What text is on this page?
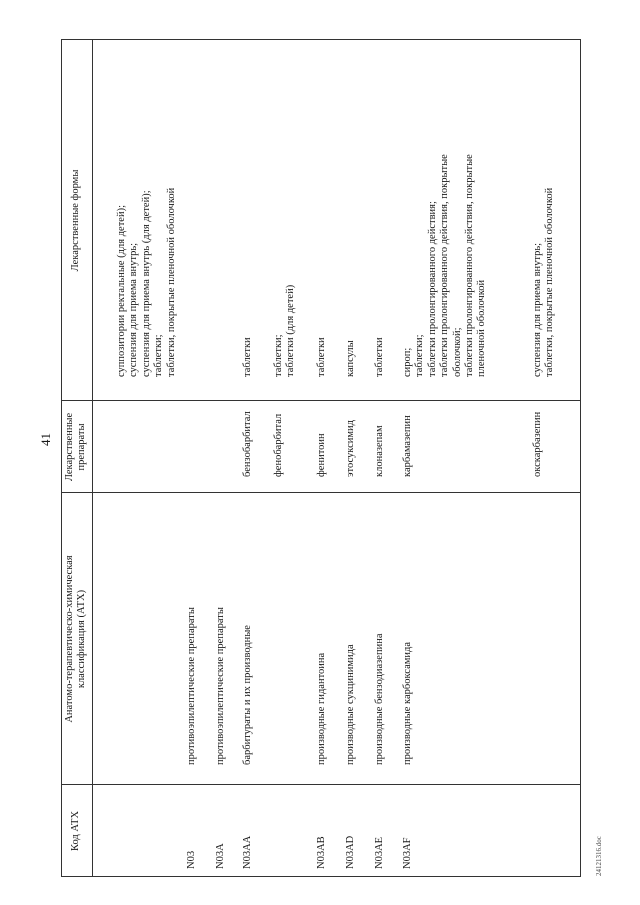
41
24121316.doc
Код АТХ
Анатомо-терапевтическо-химическая классификация (АТХ)
Лекарственные препараты
Лекарственные формы	суппозитории ректальные (для детей); суспензия для приема внутрь; суспензия для приема внутрь (для детей); таблетки; таблетки, покрытые пленочной оболочкой
N03
противоэпилептические препараты
N03A
противоэпилептические препараты
N03AA
барбитураты и их производные
бензобарбитал
таблетки
фенобарбитал
таблетки; таблетки (для детей)
N03AB
производные гидантоина
фенитоин
таблетки
N03AD
производные сукцинимида
этосуксимид
капсулы
N03AE
производные бензодиазепина
клоназепам
таблетки
N03AF
производные карбоксамида
карбамазепин
сироп; таблетки; таблетки пролонгированного действия; таблетки пролонгированного действия, покрытые оболочкой; таблетки пролонгированного действия, покрытые пленочной оболочкой
окскарбазепин
суспензия для приема внутрь; таблетки, покрытые пленочной оболочкой
